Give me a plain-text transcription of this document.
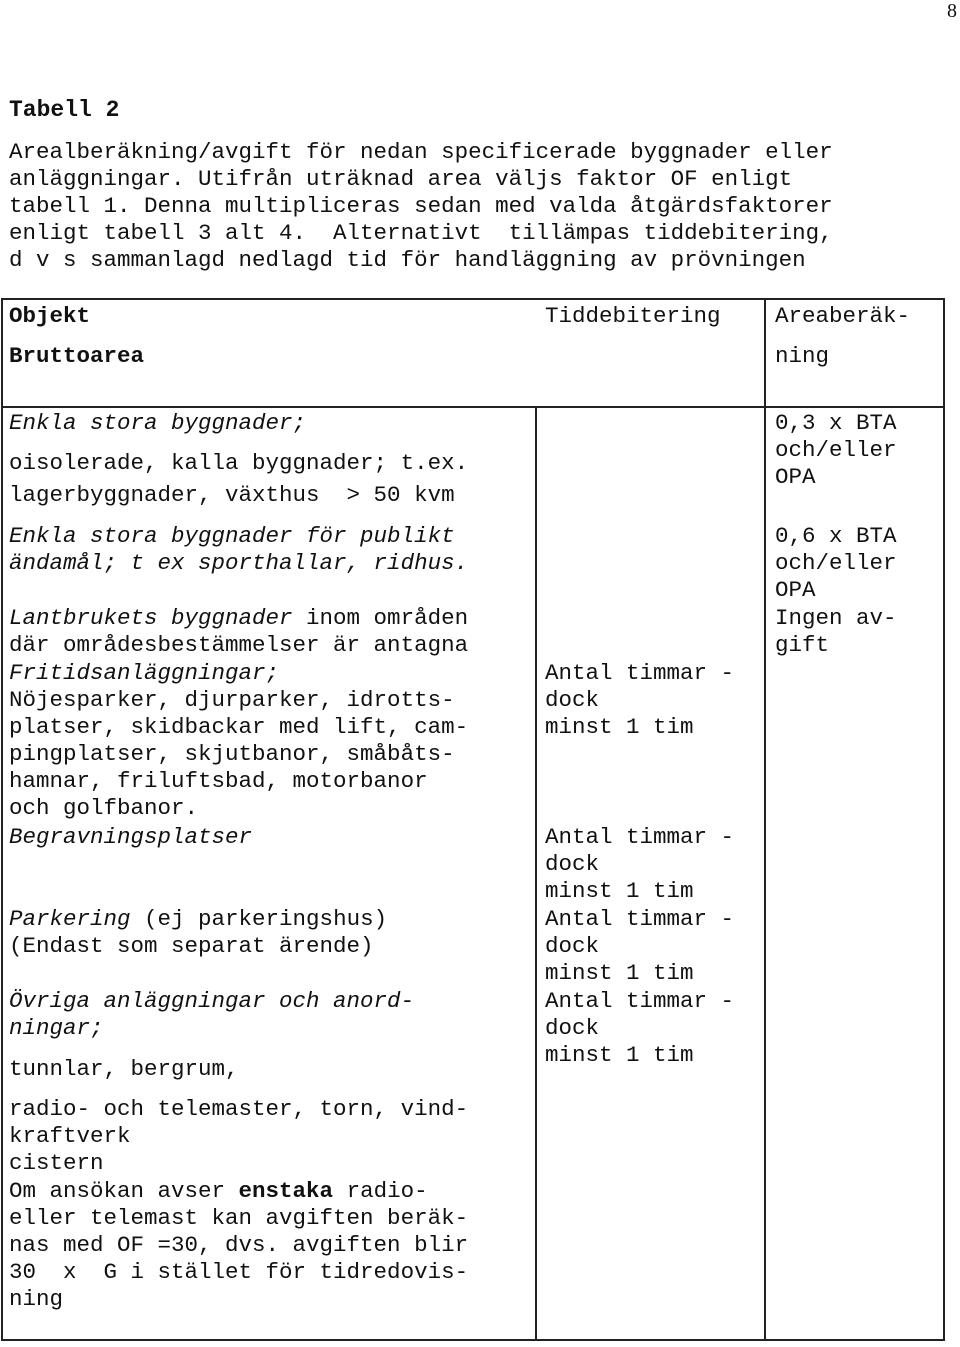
8
Tabell 2
Arealberäkning/avgift för nedan specificerade byggnader eller
anläggningar. Utifrån uträknad area väljs faktor OF enligt
tabell 1. Denna multipliceras sedan med valda åtgärdsfaktorer
enligt tabell 3 alt 4.  Alternativt  tillämpas tiddebitering,
d v s sammanlagd nedlagd tid för handläggning av prövningen
Objekt
Bruttoarea
Tiddebitering Areaberäk-
ning
Enkla stora byggnader;
oisolerade, kalla byggnader; t.ex.
lagerbyggnader, växthus  > 50 kvm
0,3 x BTA
och/eller
OPA
Enkla stora byggnader för publikt
ändamål; t ex sporthallar, ridhus.
0,6 x BTA
och/eller
OPA
Lantbrukets byggnader inom områden
där områdesbestämmelser är antagna
Ingen av-
gift
Fritidsanläggningar;
Nöjesparker, djurparker, idrotts-
platser, skidbackar med lift, cam-
pingplatser, skjutbanor, småbåts-
hamnar, friluftsbad, motorbanor
och golfbanor.
Antal timmar -
dock
minst 1 tim
Begravningsplatser	Antal timmar -
dock
minst 1 tim
Parkering (ej parkeringshus)
(Endast som separat ärende)
Antal timmar -
dock
minst 1 tim
Övriga anläggningar och anord-
ningar;
tunnlar, bergrum,
radio- och telemaster, torn, vind-
kraftverk
cistern
Om ansökan avser enstaka radio-
eller telemast kan avgiften beräk-
nas med OF =30, dvs. avgiften blir
30  x  G i stället för tidredovis-
ning
Antal timmar -
dock
minst 1 tim
